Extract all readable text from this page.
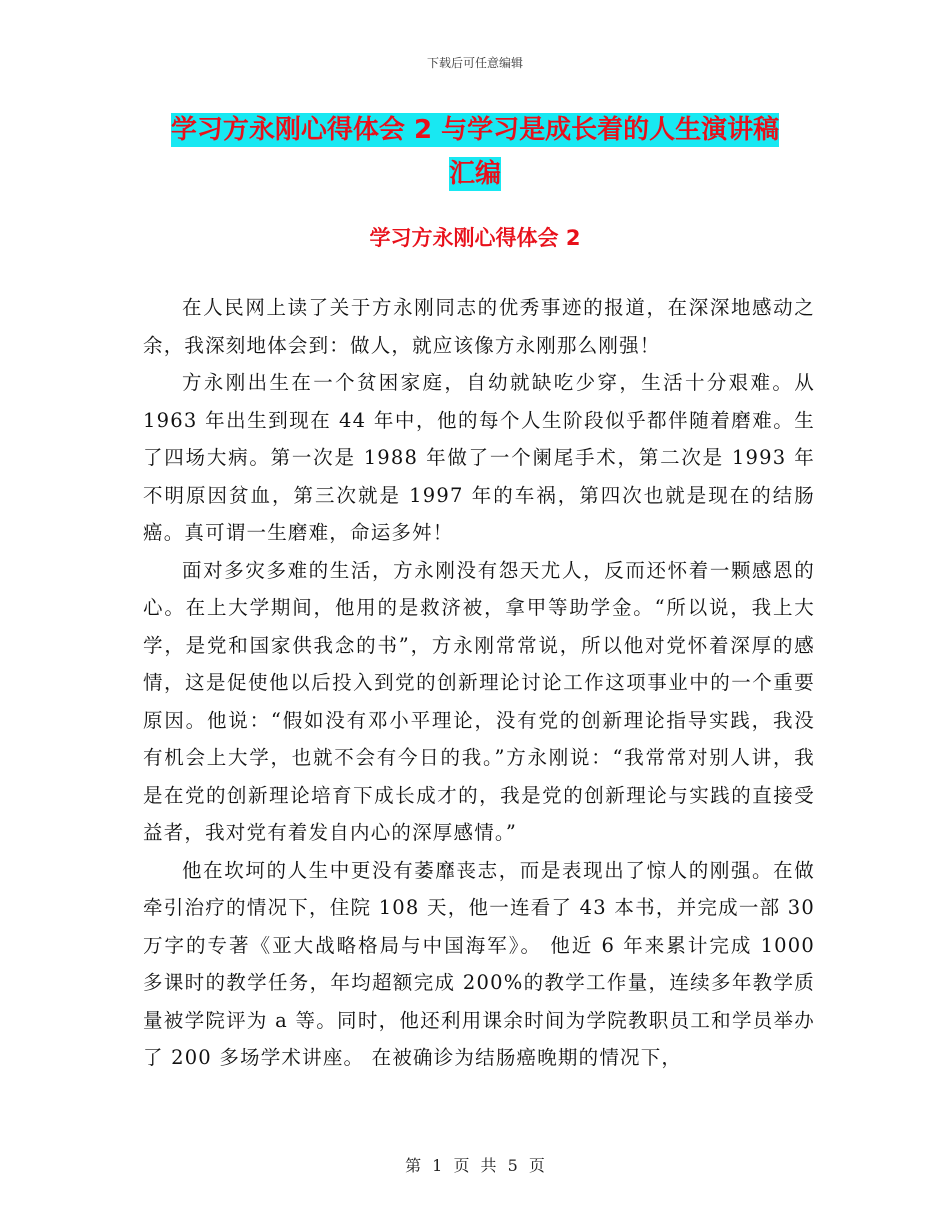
下载后可任意编辑
学习方永刚心得体会 2 与学习是成长着的人生演讲稿
汇编
学习方永刚心得体会 2

在人民网上读了关于方永刚同志的优秀事迹的报道，在深深地感动之余，我深刻地体会到：做人，就应该像方永刚那么刚强！

方永刚出生在一个贫困家庭，自幼就缺吃少穿，生活十分艰难。从 1963 年出生到现在 44 年中，他的每个人生阶段似乎都伴随着磨难。生了四场大病。第一次是 1988 年做了一个阑尾手术，第二次是 1993 年不明原因贫血，第三次就是 1997 年的车祸，第四次也就是现在的结肠癌。真可谓一生磨难，命运多舛！

面对多灾多难的生活，方永刚没有怨天尤人，反而还怀着一颗感恩的心。在上大学期间，他用的是救济被，拿甲等助学金。“所以说，我上大学，是党和国家供我念的书”，方永刚常常说，所以他对党怀着深厚的感情，这是促使他以后投入到党的创新理论讨论工作这项事业中的一个重要原因。他说：“假如没有邓小平理论，没有党的创新理论指导实践，我没有机会上大学，也就不会有今日的我。”方永刚说：“我常常对别人讲，我是在党的创新理论培育下成长成才的，我是党的创新理论与实践的直接受益者，我对党有着发自内心的深厚感情。”

他在坎坷的人生中更没有萎靡丧志，而是表现出了惊人的刚强。在做牵引治疗的情况下，住院 108 天，他一连看了 43 本书，并完成一部 30 万字的专著《亚大战略格局与中国海军》。 他近 6 年来累计完成 1000 多课时的教学任务，年均超额完成 200%的教学工作量，连续多年教学质量被学院评为 a 等。同时，他还利用课余时间为学院教职员工和学员举办了 200 多场学术讲座。 在被确诊为结肠癌晚期的情况下，

第 1 页 共 5 页
